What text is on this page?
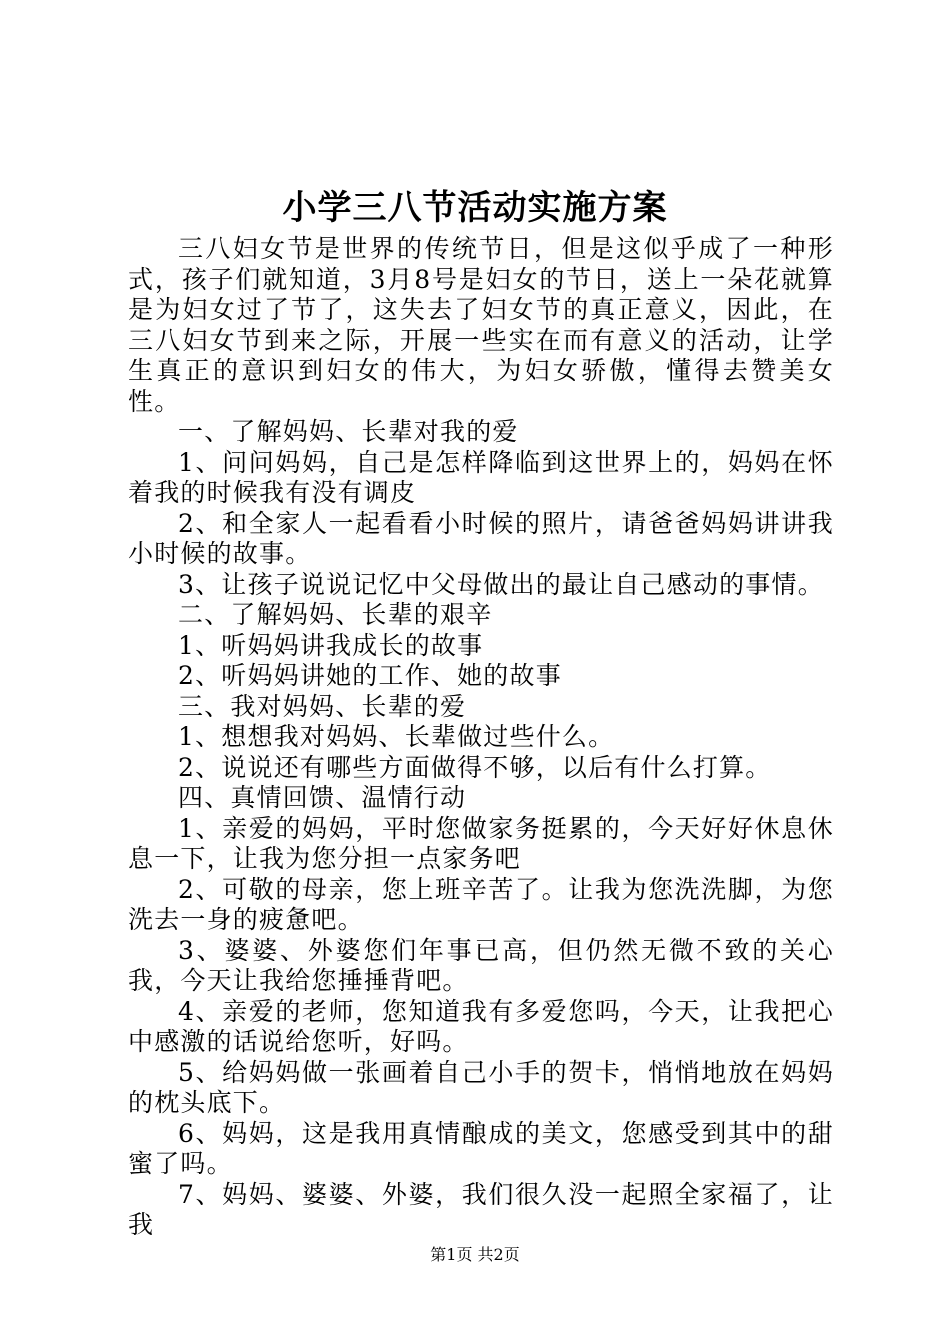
小学三八节活动实施方案

三八妇女节是世界的传统节日，但是这似乎成了一种形式，孩子们就知道，3月8号是妇女的节日，送上一朵花就算是为妇女过了节了，这失去了妇女节的真正意义，因此，在三八妇女节到来之际，开展一些实在而有意义的活动，让学生真正的意识到妇女的伟大，为妇女骄傲，懂得去赞美女性。

一、了解妈妈、长辈对我的爱

1、问问妈妈，自己是怎样降临到这世界上的，妈妈在怀着我的时候我有没有调皮

2、和全家人一起看看小时候的照片，请爸爸妈妈讲讲我小时候的故事。

3、让孩子说说记忆中父母做出的最让自己感动的事情。

二、了解妈妈、长辈的艰辛

1、听妈妈讲我成长的故事

2、听妈妈讲她的工作、她的故事

三、我对妈妈、长辈的爱

1、想想我对妈妈、长辈做过些什么。

2、说说还有哪些方面做得不够，以后有什么打算。

四、真情回馈、温情行动

1、亲爱的妈妈，平时您做家务挺累的，今天好好休息休息一下，让我为您分担一点家务吧

2、可敬的母亲，您上班辛苦了。让我为您洗洗脚，为您洗去一身的疲惫吧。

3、婆婆、外婆您们年事已高，但仍然无微不致的关心我，今天让我给您捶捶背吧。

4、亲爱的老师，您知道我有多爱您吗，今天，让我把心中感激的话说给您听，好吗。

5、给妈妈做一张画着自己小手的贺卡，悄悄地放在妈妈的枕头底下。

6、妈妈，这是我用真情酿成的美文，您感受到其中的甜蜜了吗。

7、妈妈、婆婆、外婆，我们很久没一起照全家福了，让我

第1页 共2页
